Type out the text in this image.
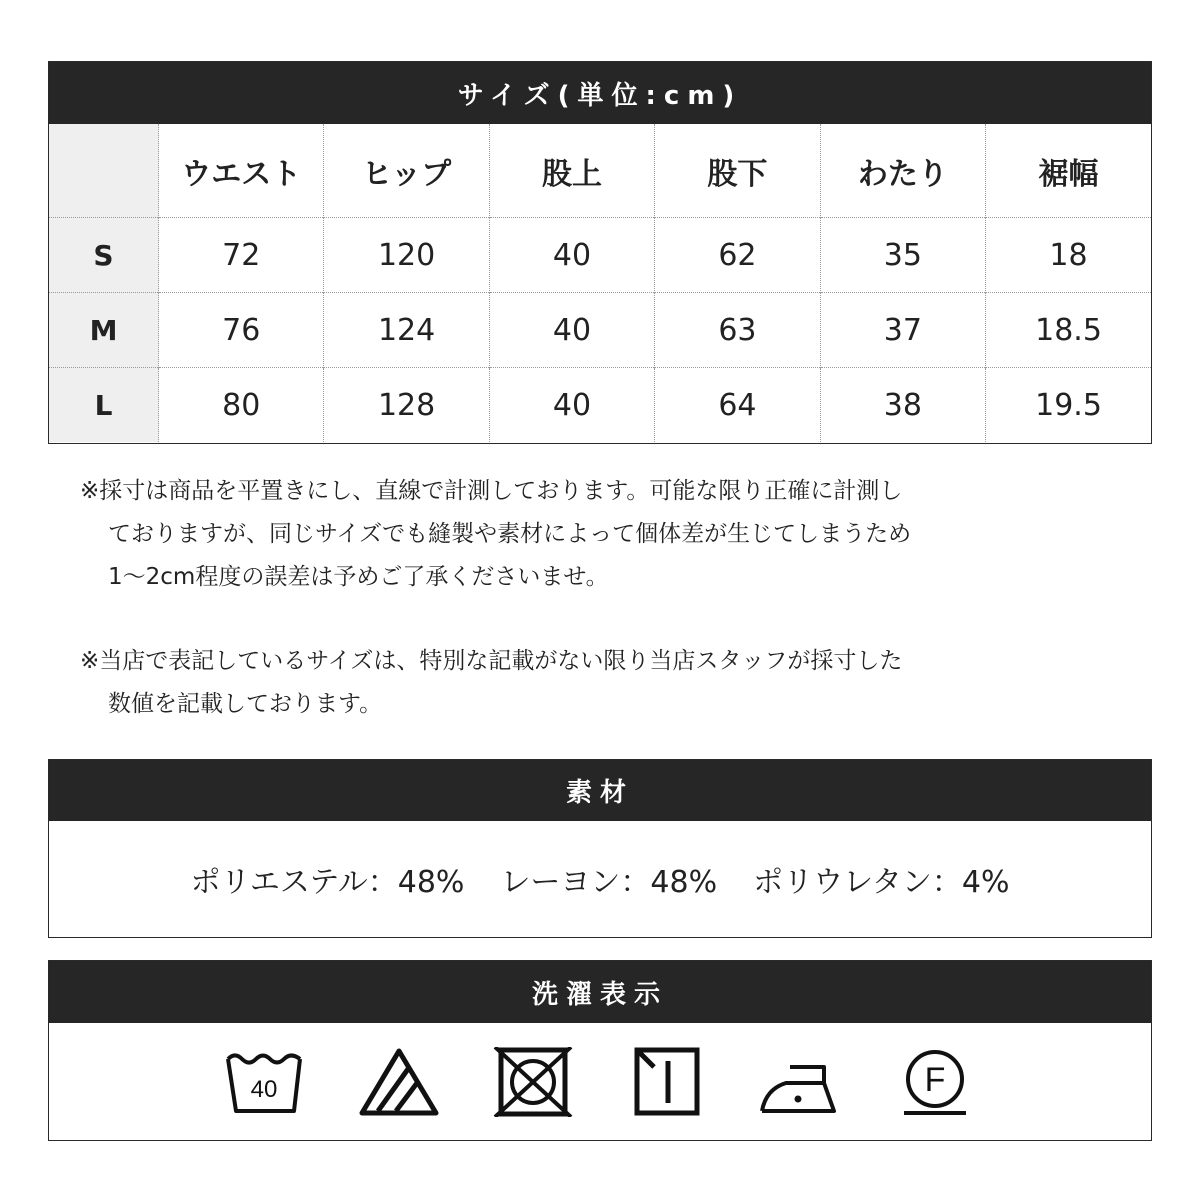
サイズ(単位:cm)
	ウエスト	ヒップ	股上	股下	わたり	裾幅
S	72	120	40	62	35	18
M	76	124	40	63	37	18.5
L	80	128	40	64	38	19.5

※採寸は商品を平置きにし、直線で計測しております。可能な限り正確に計測し

ておりますが、同じサイズでも縫製や素材によって個体差が生じてしまうため

1～2cm程度の誤差は予めご了承くださいませ。

※当店で表記しているサイズは、特別な記載がない限り当店スタッフが採寸した

数値を記載しております。

素材
ポリエステル：48% レーヨン：48% ポリウレタン：4%
洗濯表示
40	F
